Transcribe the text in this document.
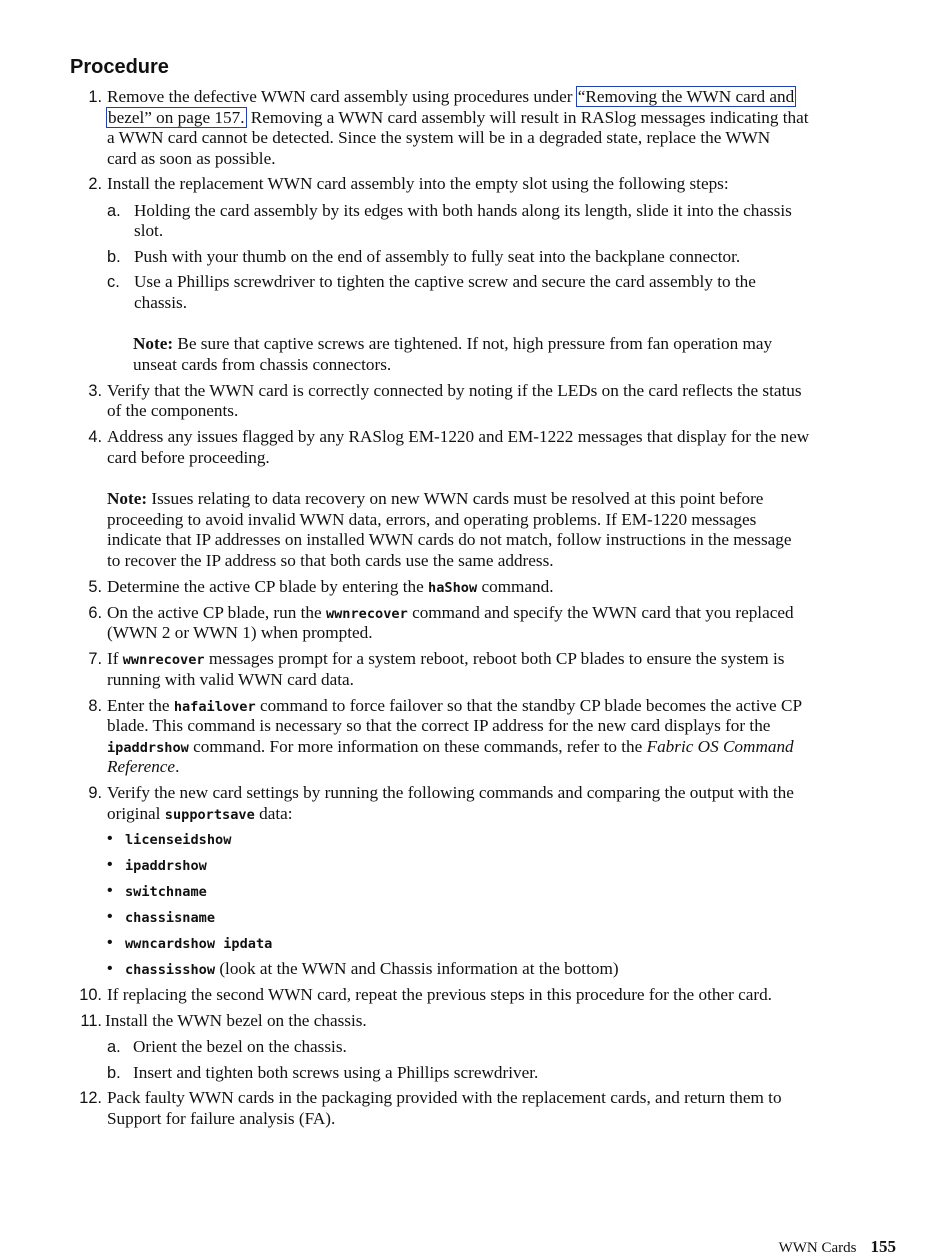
Procedure
1. Remove the defective WWN card assembly using procedures under “Removing the WWN card and
bezel” on page 157. Removing a WWN card assembly will result in RASlog messages indicating that
a WWN card cannot be detected. Since the system will be in a degraded state, replace the WWN
card as soon as possible.
2. Install the replacement WWN card assembly into the empty slot using the following steps:
a. Holding the card assembly by its edges with both hands along its length, slide it into the chassis
slot.
b. Push with your thumb on the end of assembly to fully seat into the backplane connector.
c. Use a Phillips screwdriver to tighten the captive screw and secure the card assembly to the
chassis.
Note: Be sure that captive screws are tightened. If not, high pressure from fan operation may
unseat cards from chassis connectors.
3. Verify that the WWN card is correctly connected by noting if the LEDs on the card reflects the status
of the components.
4. Address any issues flagged by any RASlog EM-1220 and EM-1222 messages that display for the new
card before proceeding.
Note: Issues relating to data recovery on new WWN cards must be resolved at this point before
proceeding to avoid invalid WWN data, errors, and operating problems. If EM-1220 messages
indicate that IP addresses on installed WWN cards do not match, follow instructions in the message
to recover the IP address so that both cards use the same address.
5. Determine the active CP blade by entering the haShow command.
6. On the active CP blade, run the wwnrecover command and specify the WWN card that you replaced
(WWN 2 or WWN 1) when prompted.
7. If wwnrecover messages prompt for a system reboot, reboot both CP blades to ensure the system is
running with valid WWN card data.
8. Enter the hafailover command to force failover so that the standby CP blade becomes the active CP
blade. This command is necessary so that the correct IP address for the new card displays for the
ipaddrshow command. For more information on these commands, refer to the Fabric OS Command
Reference.
9. Verify the new card settings by running the following commands and comparing the output with the
original supportsave data:
• licenseidshow
• ipaddrshow
• switchname
• chassisname
• wwncardshow ipdata
• chassisshow (look at the WWN and Chassis information at the bottom)
10. If replacing the second WWN card, repeat the previous steps in this procedure for the other card.
11. Install the WWN bezel on the chassis.
a. Orient the bezel on the chassis.
b. Insert and tighten both screws using a Phillips screwdriver.
12. Pack faulty WWN cards in the packaging provided with the replacement cards, and return them to
Support for failure analysis (FA).
WWN Cards 155
